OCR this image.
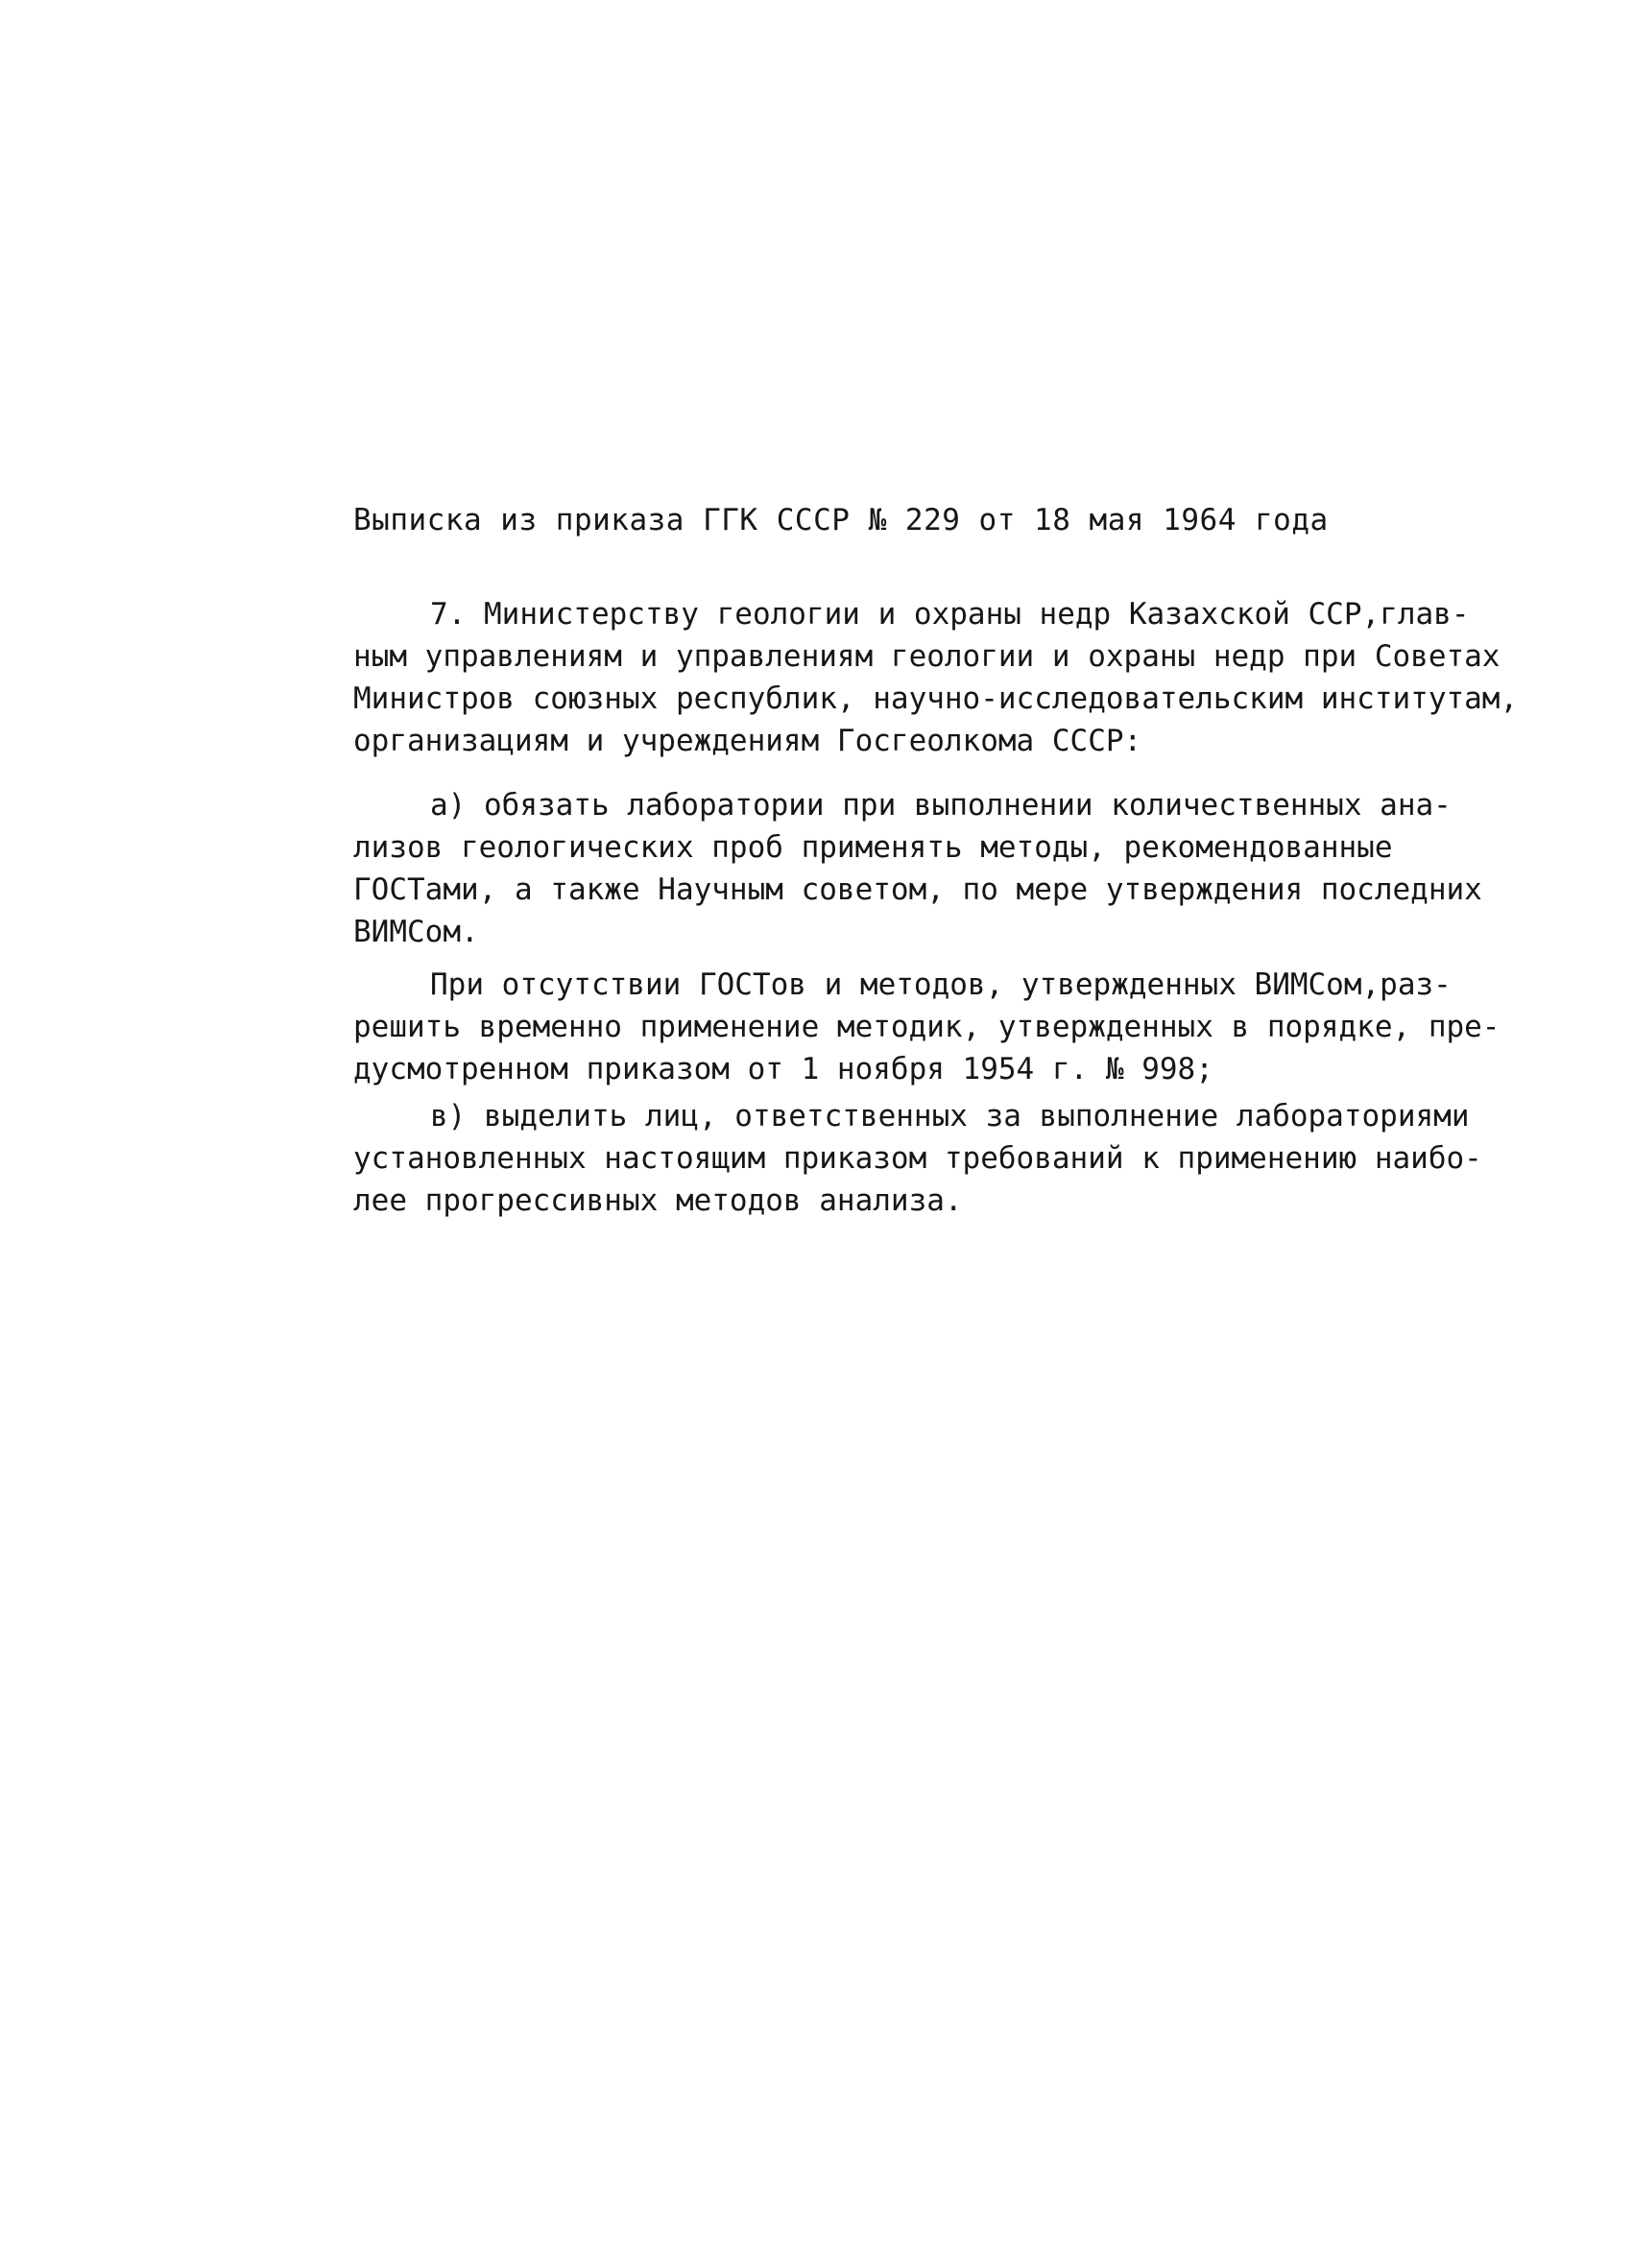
Выписка из приказа ГГК СССР № 229 от 18 мая 1964 года
7. Министерству геологии и охраны недр Казахской ССР,глав-
ным управлениям и управлениям геологии и охраны недр при Советах
Министров союзных республик, научно-исследовательским институтам,
организациям и учреждениям Госгеолкома СССР:
а) обязать лаборатории при выполнении количественных ана-
лизов геологических проб применять методы, рекомендованные
ГОСТами, а также Научным советом, по мере утверждения последних
ВИМСом.
При отсутствии ГОСТов и методов, утвержденных ВИМСом,раз-
решить временно применение методик, утвержденных в порядке, пре-
дусмотренном приказом от 1 ноября 1954 г. № 998;
в) выделить лиц, ответственных за выполнение лабораториями
установленных настоящим приказом требований к применению наибо-
лее прогрессивных методов анализа.
